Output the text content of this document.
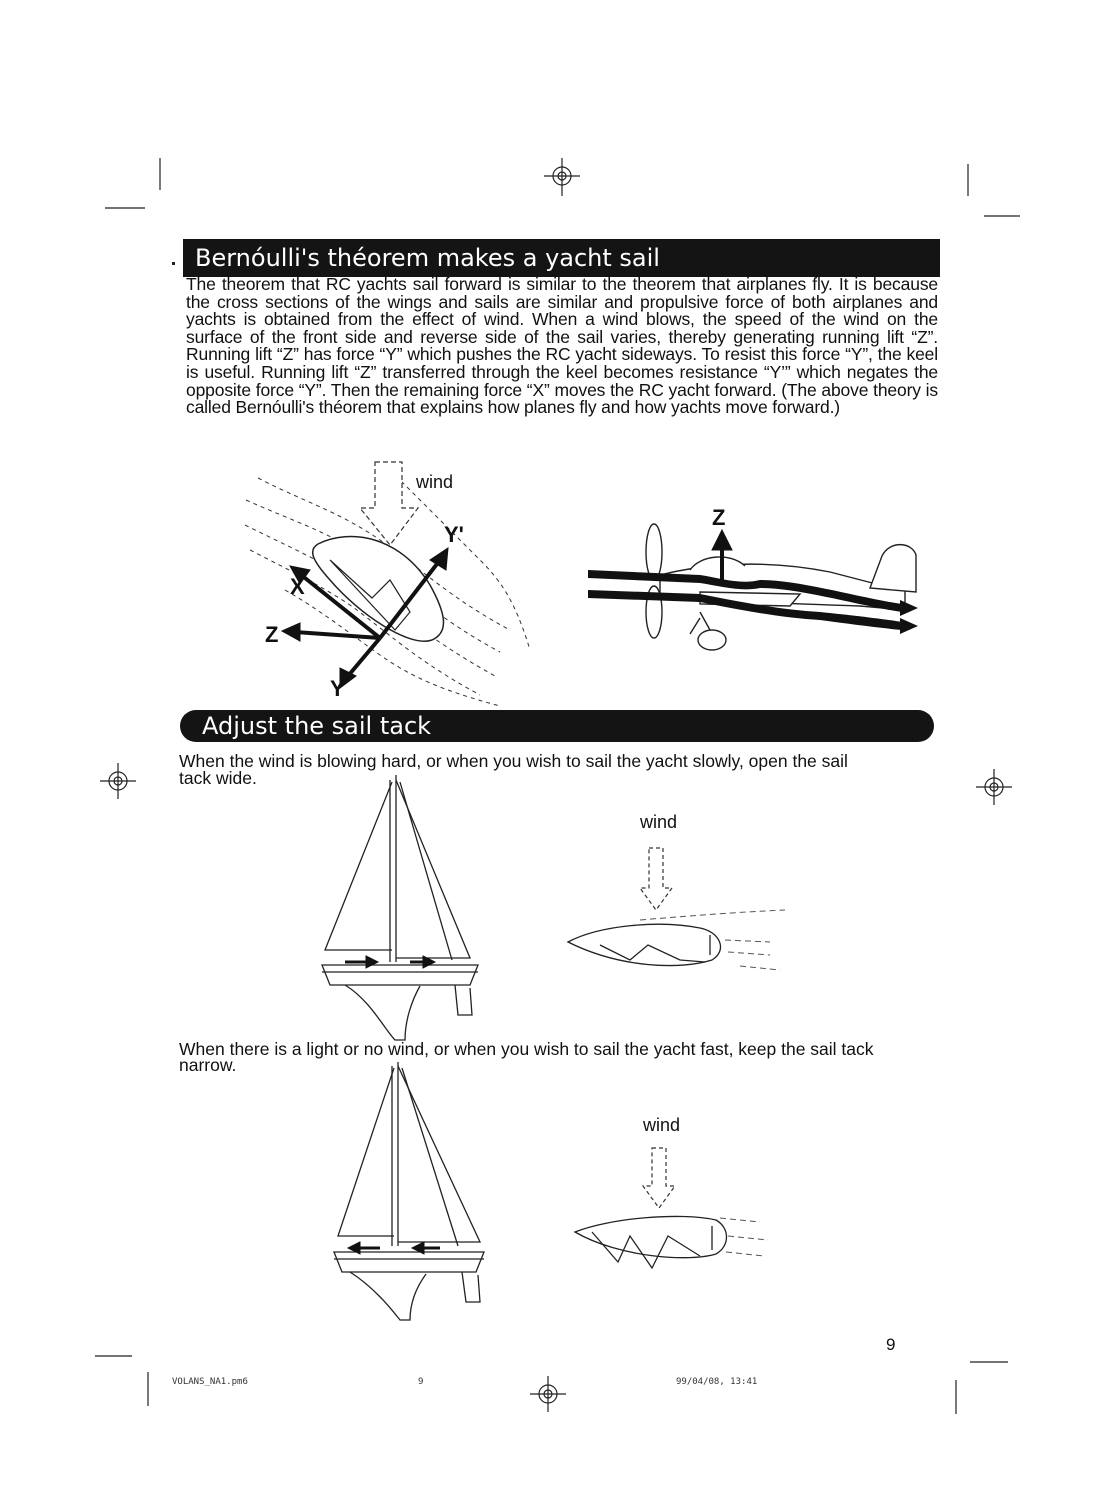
Bernóulli's théorem makes a yacht sail

The theorem that RC yachts sail forward is similar to the theorem that airplanes fly. It is because the cross sections of the wings and sails are similar and propulsive force of both airplanes and yachts is obtained from the effect of wind. When a wind blows, the speed of the wind on the surface of the front side and reverse side of the sail varies, thereby generating running lift “Z”. Running lift “Z” has force “Y” which pushes the RC yacht sideways. To resist this force “Y”, the keel is useful. Running lift “Z” transferred through the keel becomes resistance “Y’” which negates the opposite force “Y”. Then the remaining force “X” moves the RC yacht forward. (The above theory is called Bernóulli's théorem that explains how planes fly and how yachts move forward.)

wind
X
Y
Y'
Z
Z
Adjust the sail tack
When the wind is blowing hard, or when you wish to sail the yacht slowly, open the sail
tack wide.
wind
When there is a light or no wind, or when you wish to sail the yacht fast, keep the sail tack
narrow.
wind
9
VOLANS_NA1.pm6	9	99/04/08, 13:41
